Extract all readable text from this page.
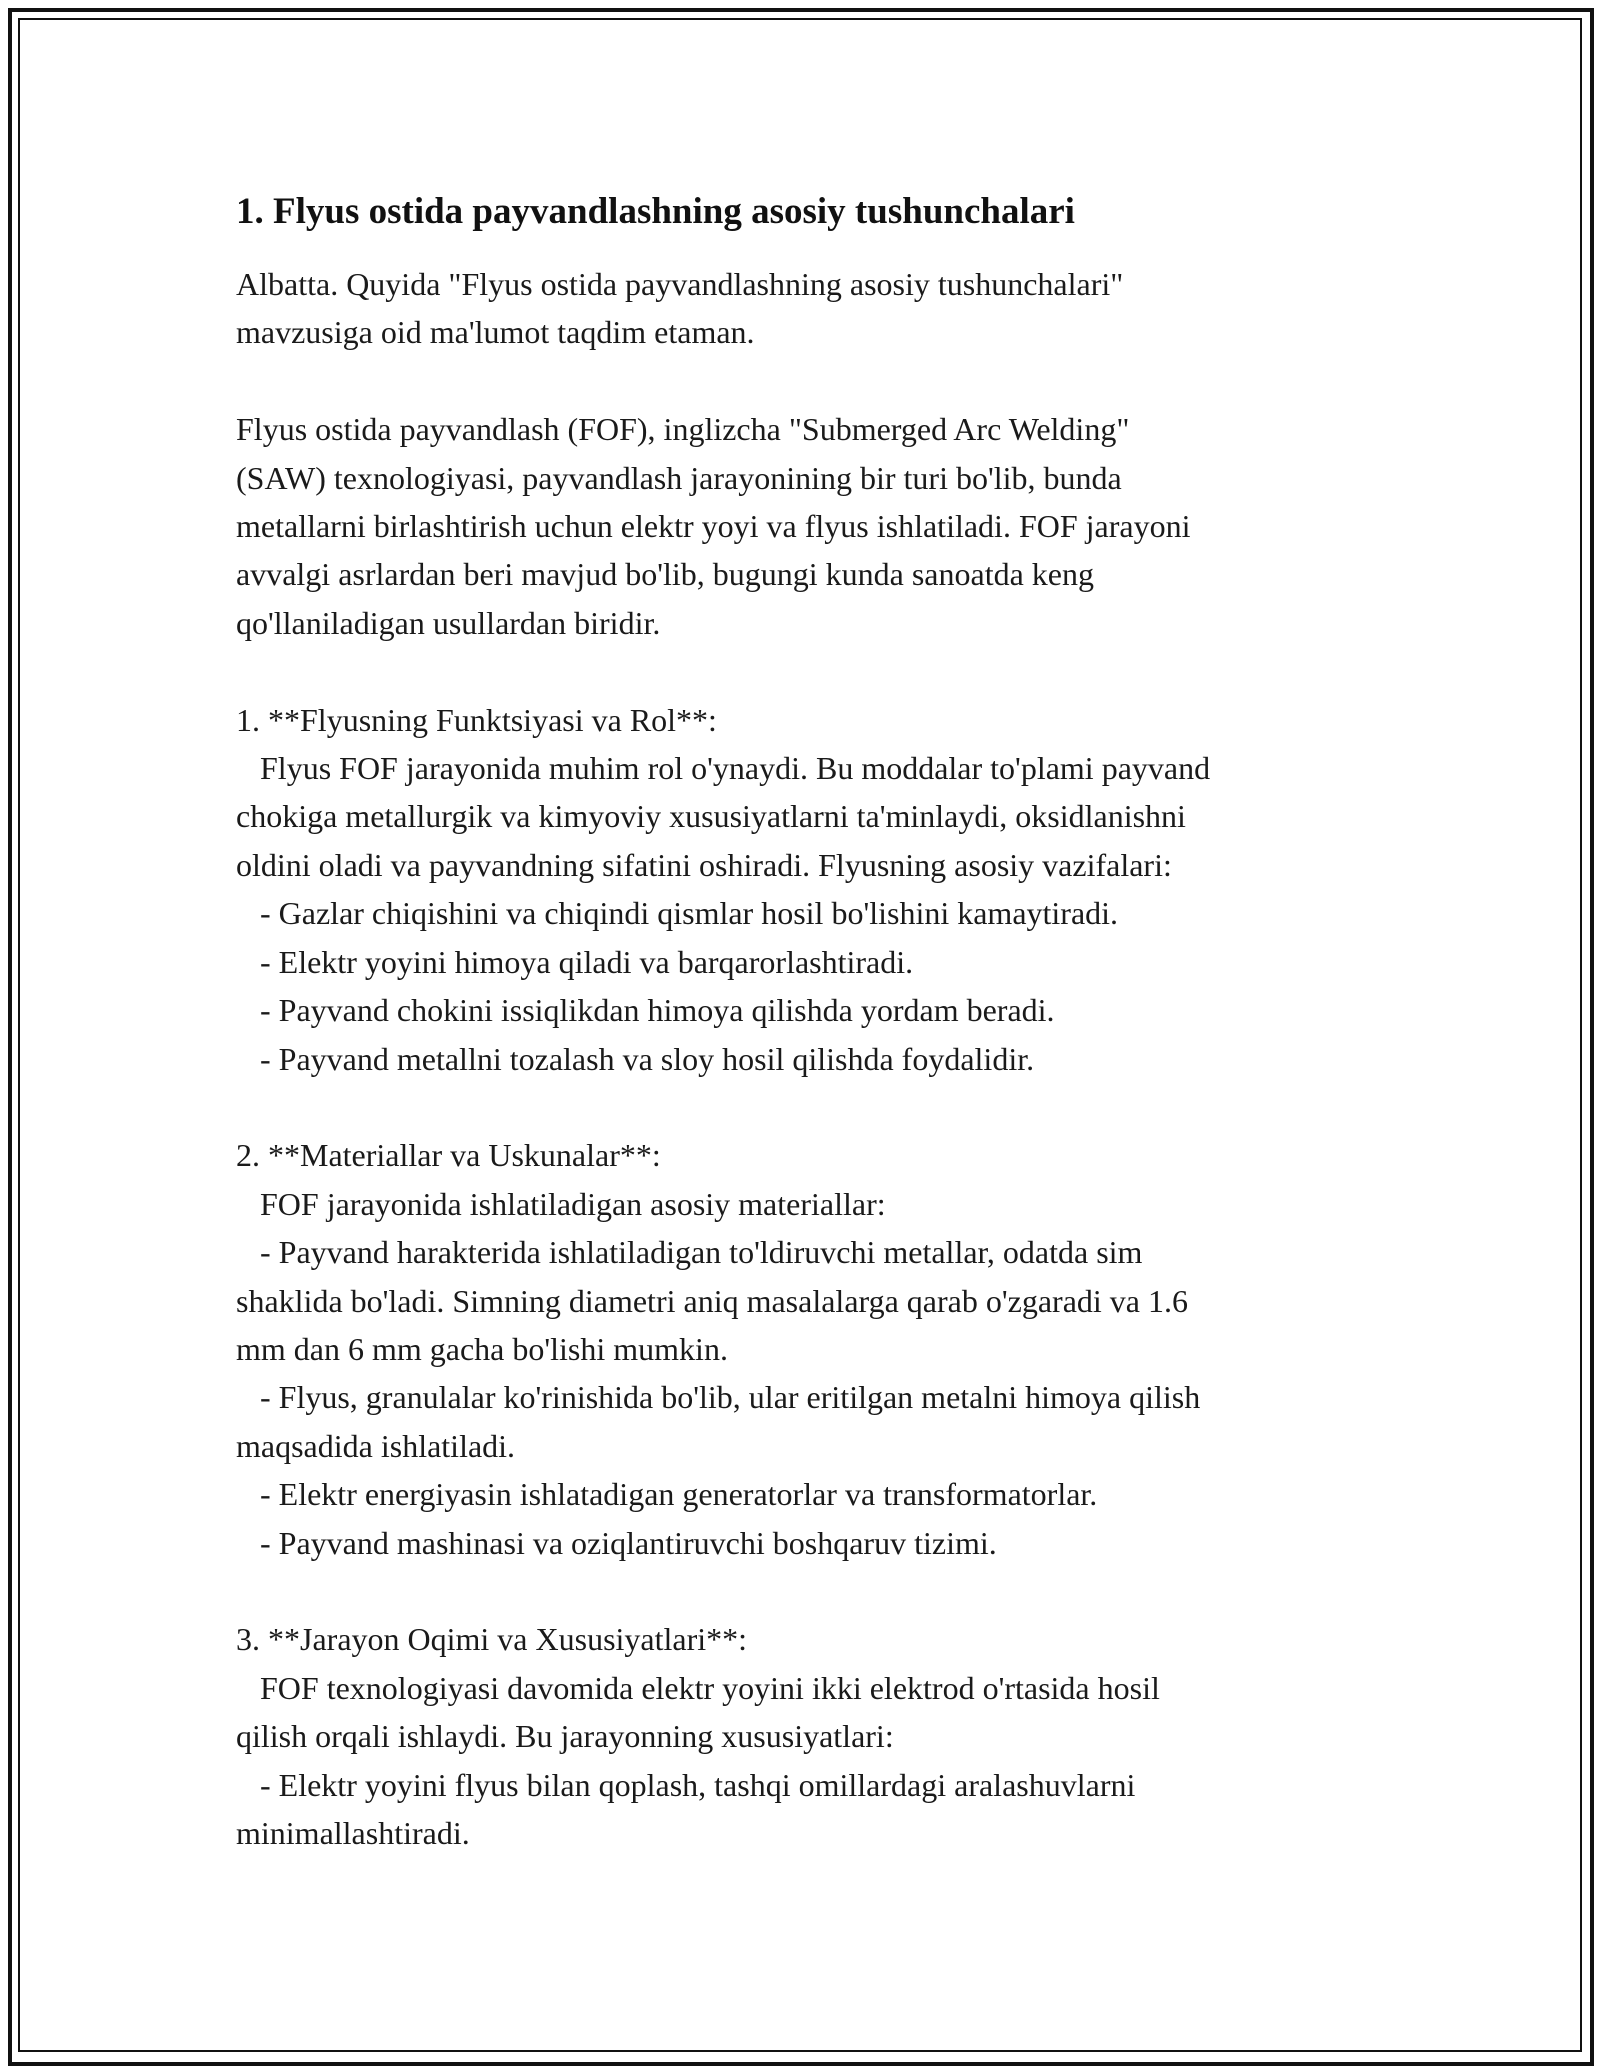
1. Flyus ostida payvandlashning asosiy tushunchalari
Albatta. Quyida "Flyus ostida payvandlashning asosiy tushunchalari"
mavzusiga oid ma'lumot taqdim etaman.

Flyus ostida payvandlash (FOF), inglizcha "Submerged Arc Welding"
(SAW) texnologiyasi, payvandlash jarayonining bir turi bo'lib, bunda
metallarni birlashtirish uchun elektr yoyi va flyus ishlatiladi. FOF jarayoni
avvalgi asrlardan beri mavjud bo'lib, bugungi kunda sanoatda keng
qo'llaniladigan usullardan biridir.

1. **Flyusning Funktsiyasi va Rol**:
Flyus FOF jarayonida muhim rol o'ynaydi. Bu moddalar to'plami payvand
chokiga metallurgik va kimyoviy xususiyatlarni ta'minlaydi, oksidlanishni
oldini oladi va payvandning sifatini oshiradi. Flyusning asosiy vazifalari:
- Gazlar chiqishini va chiqindi qismlar hosil bo'lishini kamaytiradi.
- Elektr yoyini himoya qiladi va barqarorlashtiradi.
- Payvand chokini issiqlikdan himoya qilishda yordam beradi.
- Payvand metallni tozalash va sloy hosil qilishda foydalidir.

2. **Materiallar va Uskunalar**:
FOF jarayonida ishlatiladigan asosiy materiallar:
- Payvand harakterida ishlatiladigan to'ldiruvchi metallar, odatda sim
shaklida bo'ladi. Simning diametri aniq masalalarga qarab o'zgaradi va 1.6
mm dan 6 mm gacha bo'lishi mumkin.
- Flyus, granulalar ko'rinishida bo'lib, ular eritilgan metalni himoya qilish
maqsadida ishlatiladi.
- Elektr energiyasin ishlatadigan generatorlar va transformatorlar.
- Payvand mashinasi va oziqlantiruvchi boshqaruv tizimi.

3. **Jarayon Oqimi va Xususiyatlari**:
FOF texnologiyasi davomida elektr yoyini ikki elektrod o'rtasida hosil
qilish orqali ishlaydi. Bu jarayonning xususiyatlari:
- Elektr yoyini flyus bilan qoplash, tashqi omillardagi aralashuvlarni
minimallashtiradi.
